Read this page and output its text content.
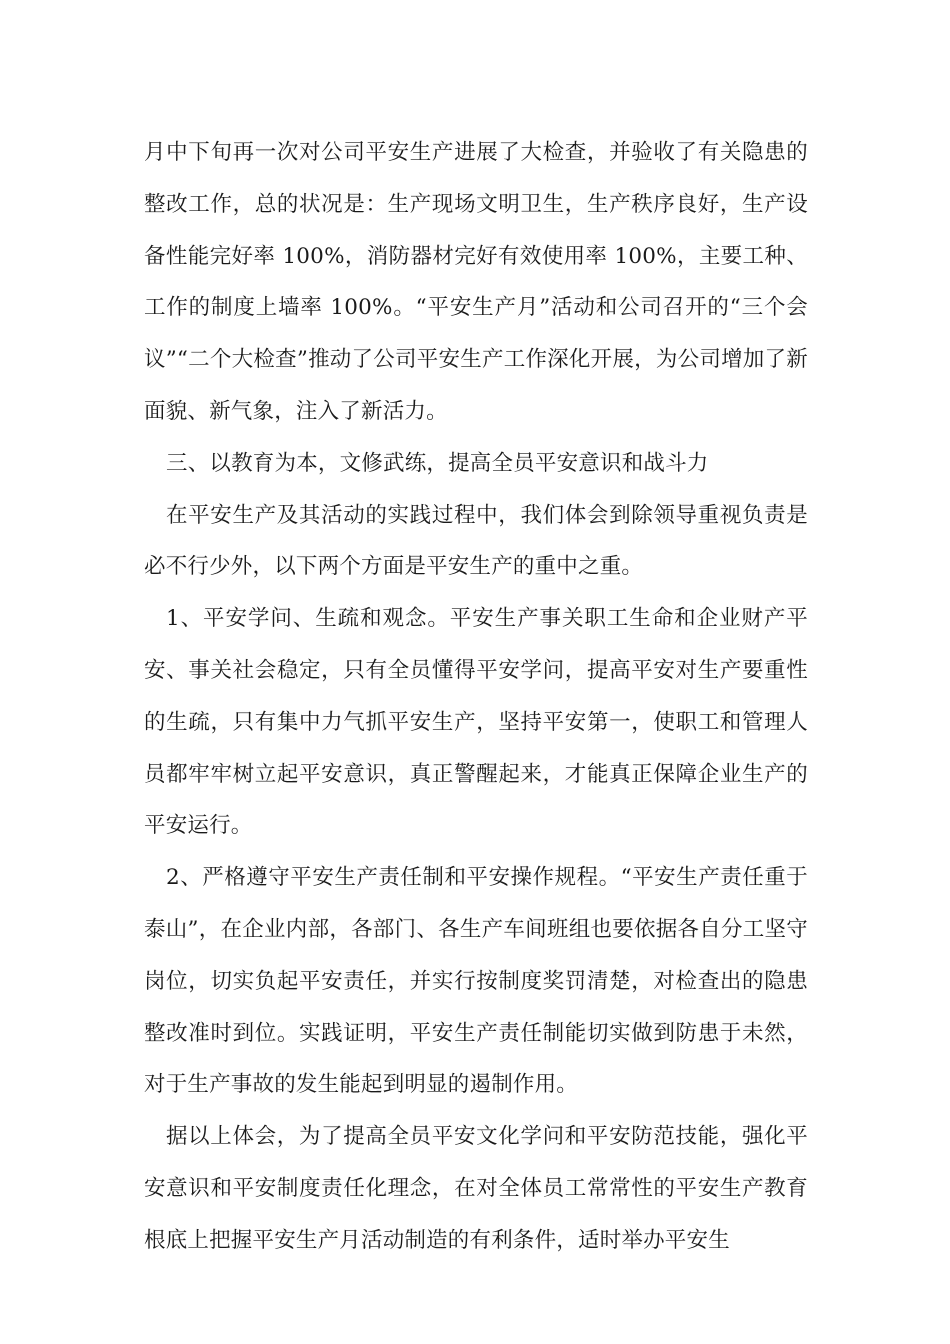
月中下旬再一次对公司平安生产进展了大检查，并验收了有关隐患的整改工作，总的状况是：生产现场文明卫生，生产秩序良好，生产设备性能完好率 100%，消防器材完好有效使用率 100%，主要工种、工作的制度上墙率 100%。“平安生产月”活动和公司召开的“三个会议”“二个大检查”推动了公司平安生产工作深化开展，为公司增加了新面貌、新气象，注入了新活力。

三、以教育为本，文修武练，提高全员平安意识和战斗力

在平安生产及其活动的实践过程中，我们体会到除领导重视负责是必不行少外，以下两个方面是平安生产的重中之重。

1、平安学问、生疏和观念。平安生产事关职工生命和企业财产平安、事关社会稳定，只有全员懂得平安学问，提高平安对生产要重性的生疏，只有集中力气抓平安生产，坚持平安第一，使职工和管理人员都牢牢树立起平安意识，真正警醒起来，才能真正保障企业生产的平安运行。

2、严格遵守平安生产责任制和平安操作规程。“平安生产责任重于泰山”，在企业内部，各部门、各生产车间班组也要依据各自分工坚守岗位，切实负起平安责任，并实行按制度奖罚清楚，对检查出的隐患整改准时到位。实践证明，平安生产责任制能切实做到防患于未然，对于生产事故的发生能起到明显的遏制作用。

据以上体会，为了提高全员平安文化学问和平安防范技能，强化平安意识和平安制度责任化理念，在对全体员工常常性的平安生产教育根底上把握平安生产月活动制造的有利条件，适时举办平安生
